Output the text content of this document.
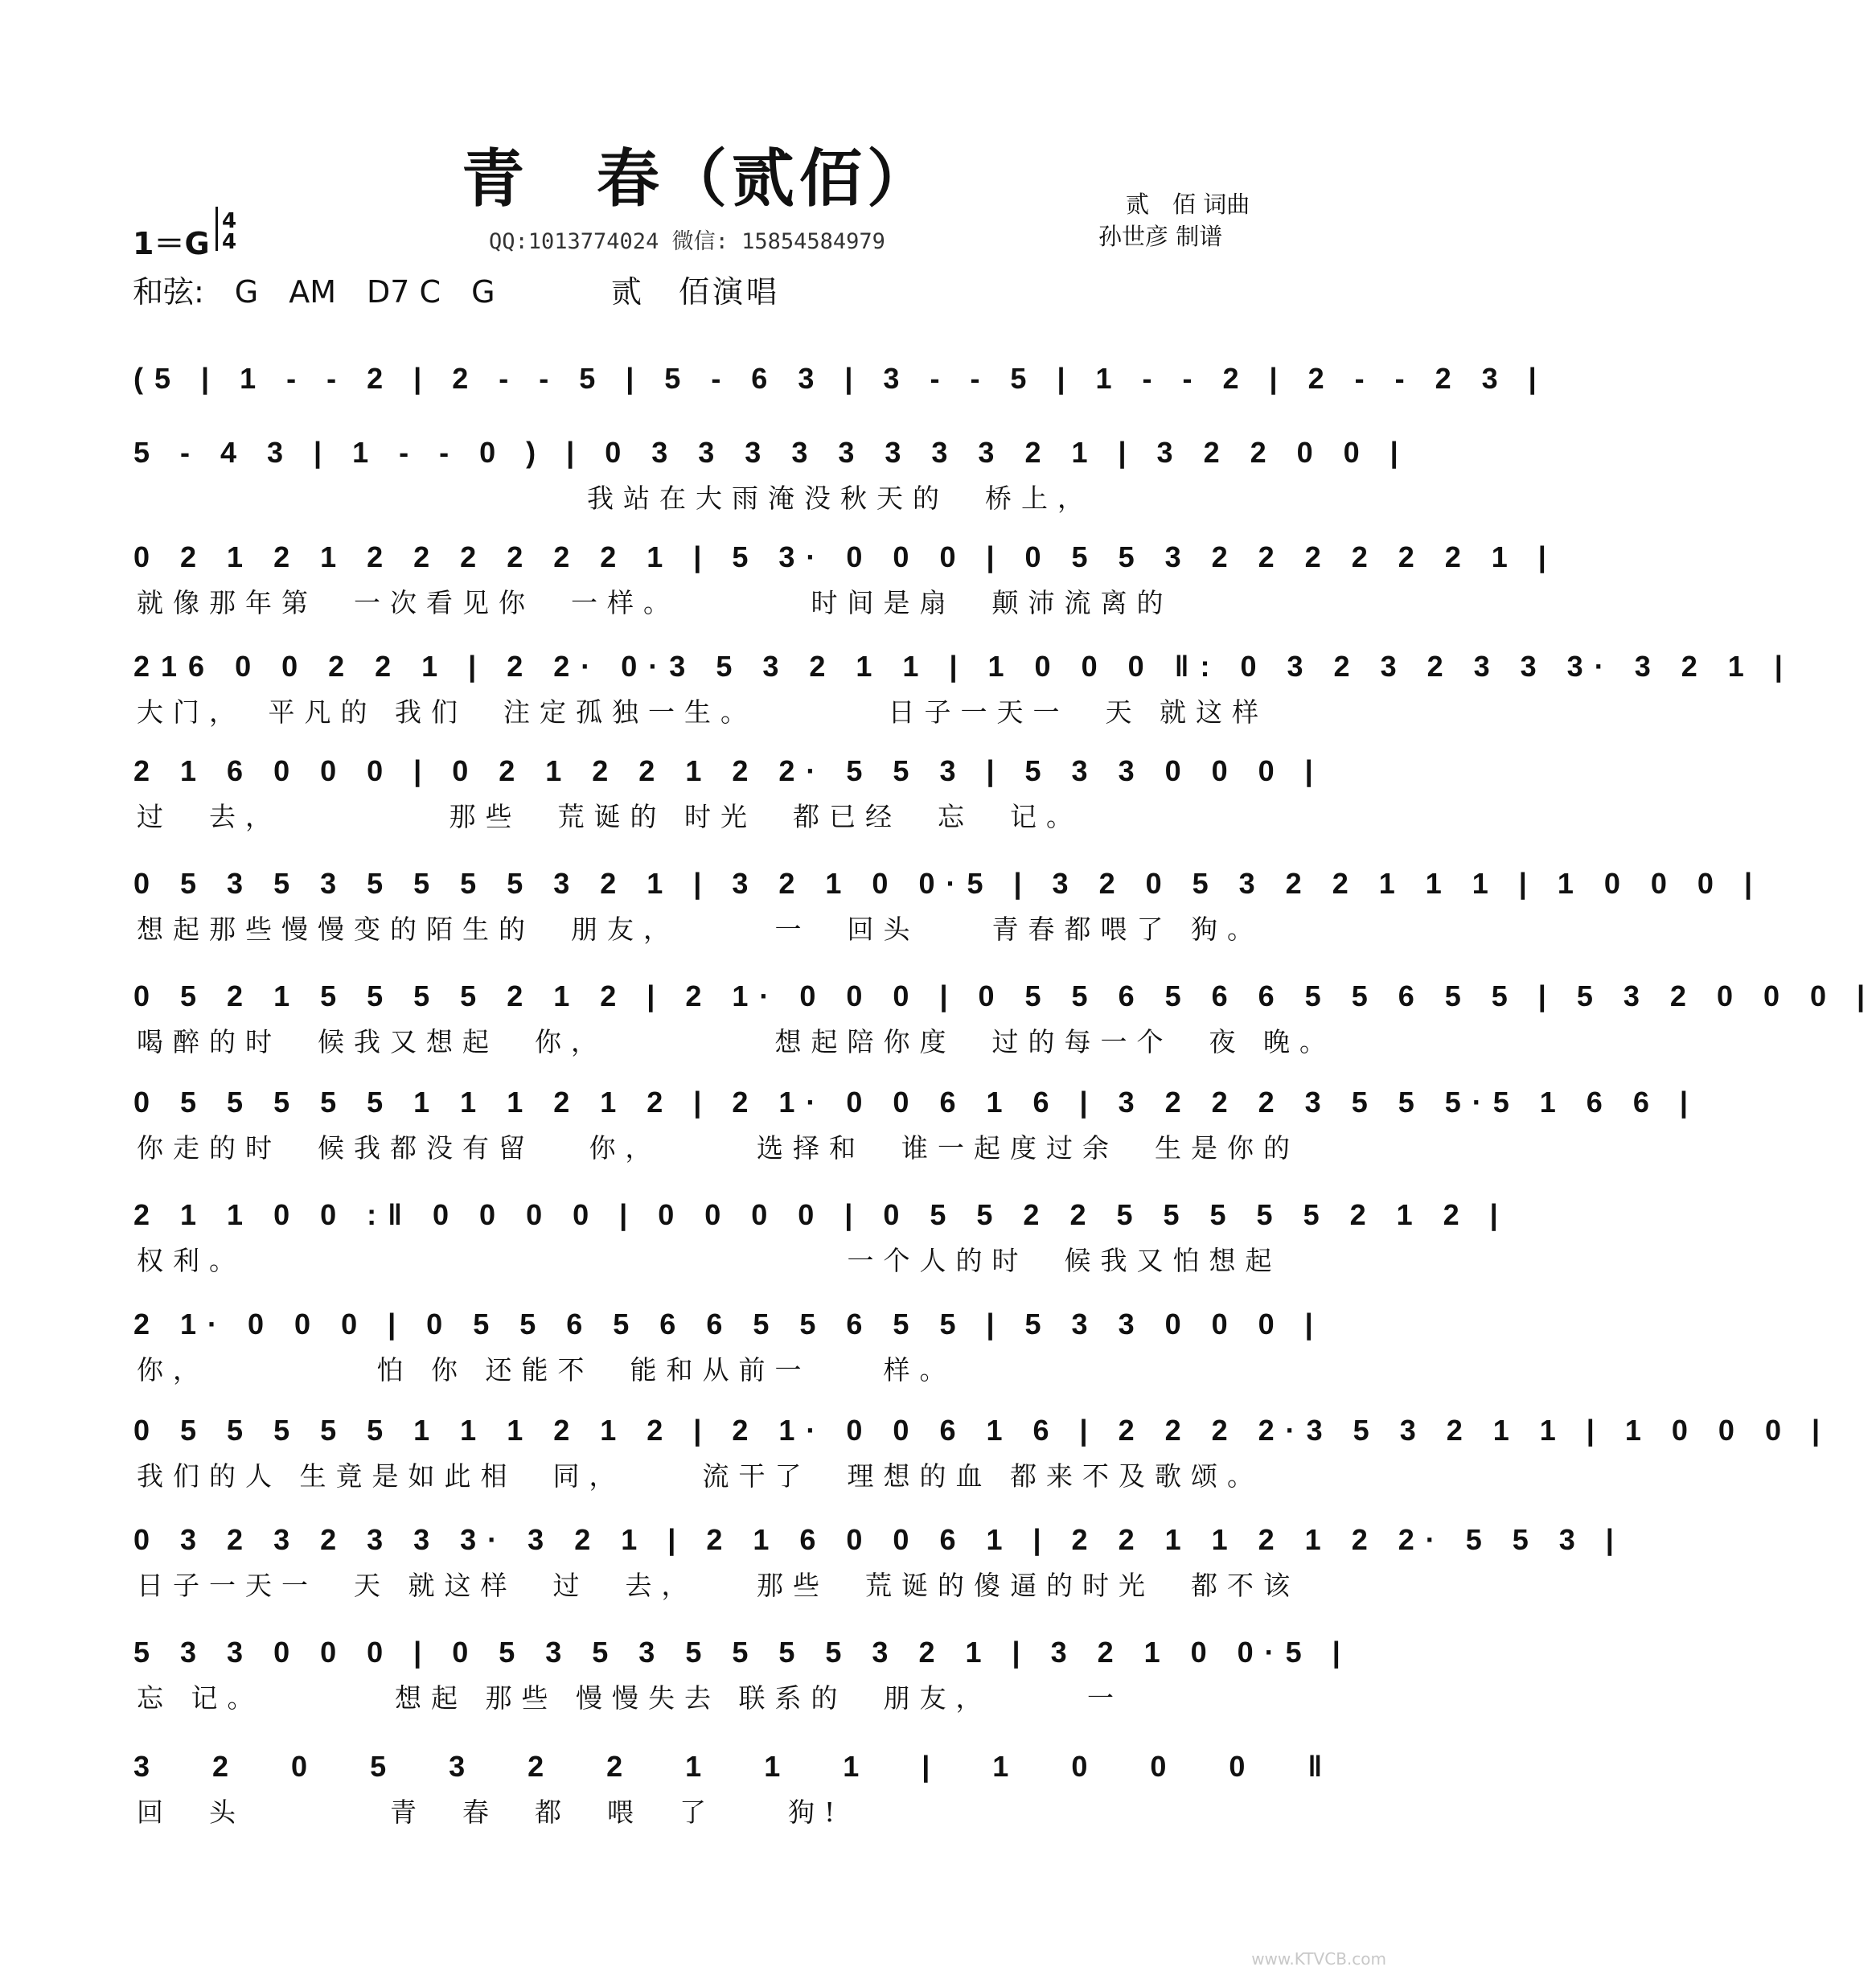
青　春（贰佰）
1＝G
4
4	QQ:1013774024 微信: 15854584979
贰　佰 词曲
孙世彦 制谱
和弦:　G　AM　D7 C　G	贰　佰演唱
(5 | 1 - - 2 | 2 - - 5 | 5 - 6 3 | 3 - - 5 | 1 - - 2 | 2 - - 2 3 |
5 - 4 3 | 1 - - 0 ) | 0 3 3 3 3 3 3 3 3 2 1 | 3 2 2 0 0 |
我站在大雨淹没秋天的　桥上，
0 2 1 2 1 2 2 2 2 2 2 1 | 5 3· 0 0 0 | 0 5 5 3 2 2 2 2 2 2 1 |
就像那年第　一次看见你　一样。　　　　时间是扇　颠沛流离的
216 0 0 2 2 1 | 2 2· 0·3 5 3 2 1 1 | 1 0 0 0 ‖: 0 3 2 3 2 3 3 3· 3 2 1 |
大门，　平凡的 我们　注定孤独一生。　　　　日子一天一　天 就这样
2 1 6 0 0 0 | 0 2 1 2 2 1 2 2· 5 5 3 | 5 3 3 0 0 0 |
过　去，　　　　　那些　荒诞的 时光　都已经　忘　记。
0 5 3 5 3 5 5 5 5 3 2 1 | 3 2 1 0 0·5 | 3 2 0 5 3 2 2 1 1 1 | 1 0 0 0 |
想起那些慢慢变的陌生的　朋友，　　　一　回头　　青春都喂了 狗。
0 5 2 1 5 5 5 5 2 1 2 | 2 1· 0 0 0 | 0 5 5 6 5 6 6 5 5 6 5 5 | 5 3 2 0 0 0 |
喝醉的时　候我又想起　你，　　　　　想起陪你度　过的每一个　夜 晚。
0 5 5 5 5 5 1 1 1 2 1 2 | 2 1· 0 0 6 1 6 | 3 2 2 2 3 5 5 5·5 1 6 6 |
你走的时　候我都没有留　 你，　　　选择和　谁一起度过余　生是你的
2 1 1 0 0 :‖ 0 0 0 0 | 0 0 0 0 | 0 5 5 2 2 5 5 5 5 5 2 1 2 |
权利。　　　　　　　　　　　　　　　　　一个人的时　候我又怕想起
2 1· 0 0 0 | 0 5 5 6 5 6 6 5 5 6 5 5 | 5 3 3 0 0 0 |
你，　　　　　怕 你 还能不　能和从前一　　样。
0 5 5 5 5 5 1 1 1 2 1 2 | 2 1· 0 0 6 1 6 | 2 2 2 2·3 5 3 2 1 1 | 1 0 0 0 |
我们的人 生竟是如此相　同，　　 流干了　理想的血 都来不及歌颂。
0 3 2 3 2 3 3 3· 3 2 1 | 2 1 6 0 0 6 1 | 2 2 1 1 2 1 2 2· 5 5 3 |
日子一天一　天 就这样　过　去，　　那些　荒诞的傻逼的时光　都不该
5 3 3 0 0 0 | 0 5 3 5 3 5 5 5 5 3 2 1 | 3 2 1 0 0·5 |
忘 记。　　　　想起 那些 慢慢失去 联系的　朋友，　　　一
3 2 0 5 3 2 2 1 1 1 | 1 0 0 0 ‖
回　头　　　　青　春　都　喂　了　　狗!
www.KTVCB.com
